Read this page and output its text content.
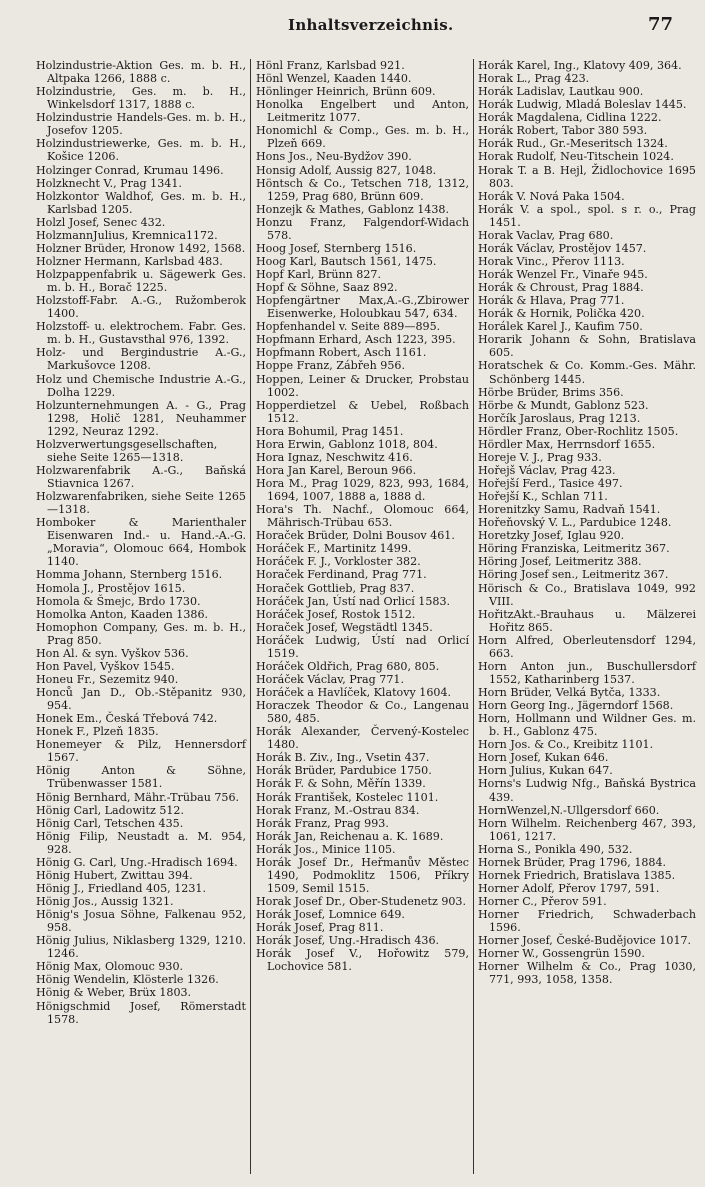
Inhaltsverzeichnis.	77

Holzindustrie-Aktion Ges. m. b. H., Altpaka 1266, 1888 c.

Holzindustrie, Ges. m. b. H., Winkelsdorf 1317, 1888 c.

Holzindustrie Handels-Ges. m. b. H., Josefov 1205.

Holzindustriewerke, Ges. m. b. H., Košice 1206.

Holzinger Conrad, Krumau 1496.

Holzknecht V., Prag 1341.

Holzkontor Waldhof, Ges. m. b. H., Karlsbad 1205.

Holzl Josef, Senec 432.

HolzmannJulius, Kremnica1172.

Holzner Brüder, Hronow 1492, 1568.

Holzner Hermann, Karlsbad 483.

Holzpappenfabrik u. Sägewerk Ges. m. b. H., Borač 1225.

Holzstoff-Fabr. A.-G., Ružomberok 1400.

Holzstoff- u. elektrochem. Fabr. Ges. m. b. H., Gustavsthal 976, 1392.

Holz- und Bergindustrie A.-G., Markušovce 1208.

Holz und Chemische Industrie A.-G., Dolha 1229.

Holzunternehmungen A. - G., Prag 1298, Holič 1281, Neuhammer 1292, Neuraz 1292.

Holzverwertungsgesellschaften, siehe Seite 1265—1318.

Holzwarenfabrik A.-G., Baňská Stiavnica 1267.

Holzwarenfabriken, siehe Seite 1265—1318.

Homboker & Marienthaler Eisenwaren Ind.- u. Hand.-A.-G. „Moravia“, Olomouc 664, Hombok 1140.

Homma Johann, Sternberg 1516.

Homola J., Prostějov 1615.

Homola & Šmejc, Brdo 1730.

Homolka Anton, Kaaden 1386.

Homophon Company, Ges. m. b. H., Prag 850.

Hon Al. & syn. Vyškov 536.

Hon Pavel, Vyškov 1545.

Honeu Fr., Sezemitz 940.

Honců Jan D., Ob.-Stěpanitz 930, 954.

Honek Em., Česká Třebová 742.

Honek F., Plzeň 1835.

Honemeyer & Pilz, Hennersdorf 1567.

Hönig Anton & Söhne, Trübenwasser 1581.

Hönig Bernhard, Mähr.-Trübau 756.

Hönig Carl, Ladowitz 512.

Hönig Carl, Tetschen 435.

Hönig Filip, Neustadt a. M. 954, 928.

Hönig G. Carl, Ung.-Hradisch 1694.

Hönig Hubert, Zwittau 394.

Hönig J., Friedland 405, 1231.

Hönig Jos., Aussig 1321.

Hönig's Josua Söhne, Falkenau 952, 958.

Hönig Julius, Niklasberg 1329, 1210. 1246.

Hönig Max, Olomouc 930.

Hönig Wendelin, Klösterle 1326.

Hönig & Weber, Brüx 1803.

Hönigschmid Josef, Römerstadt 1578.

Hönl Franz, Karlsbad 921.

Hönl Wenzel, Kaaden 1440.

Hönlinger Heinrich, Brünn 609.

Honolka Engelbert und Anton, Leitmeritz 1077.

Honomichl & Comp., Ges. m. b. H., Plzeň 669.

Hons Jos., Neu-Bydžov 390.

Honsig Adolf, Aussig 827, 1048.

Höntsch & Co., Tetschen 718, 1312, 1259, Prag 680, Brünn 609.

Honzejk & Mathes, Gablonz 1438.

Honzu Franz, Falgendorf-Widach 578.

Hoog Josef, Sternberg 1516.

Hoog Karl, Bautsch 1561, 1475.

Hopf Karl, Brünn 827.

Hopf & Söhne, Saaz 892.

Hopfengärtner Max,A.-G.,Zbirower Eisenwerke, Holoubkau 547, 634.

Hopfenhandel v. Seite 889—895.

Hopfmann Erhard, Asch 1223, 395.

Hopfmann Robert, Asch 1161.

Hoppe Franz, Zábřeh 956.

Hoppen, Leiner & Drucker, Probstau 1002.

Hopperdietzel & Uebel, Roßbach 1512.

Hora Bohumil, Prag 1451.

Hora Erwin, Gablonz 1018, 804.

Hora Ignaz, Neschwitz 416.

Hora Jan Karel, Beroun 966.

Hora M., Prag 1029, 823, 993, 1684, 1694, 1007, 1888 a, 1888 d.

Hora's Th. Nachf., Olomouc 664, Mährisch-Trübau 653.

Horaček Brüder, Dolni Bousov 461.

Horáček F., Martinitz 1499.

Horáček F. J., Vorkloster 382.

Horaček Ferdinand, Prag 771.

Horaček Gottlieb, Prag 837.

Horáček Jan, Ústí nad Orlicí 1583.

Horáček Josef, Rostok 1512.

Horaček Josef, Wegstädtl 1345.

Horáček Ludwig, Ústí nad Orlicí 1519.

Horáček Oldřich, Prag 680, 805.

Horáček Václav, Prag 771.

Horáček a Havlíček, Klatovy 1604.

Horaczek Theodor & Co., Langenau 580, 485.

Horák Alexander, Červený-Kostelec 1480.

Horák B. Ziv., Ing., Vsetin 437.

Horák Brüder, Pardubice 1750.

Horák F. & Sohn, Měřín 1339.

Horák František, Kostelec 1101.

Horak Franz, M.-Ostrau 834.

Horák Franz, Prag 993.

Horák Jan, Reichenau a. K. 1689.

Horák Jos., Minice 1105.

Horák Josef Dr., Heřmanův Městec 1490, Podmoklitz 1506, Příkry 1509, Semil 1515.

Horak Josef Dr., Ober-Studenetz 903.

Horák Josef, Lomnice 649.

Horák Josef, Prag 811.

Horák Josef, Ung.-Hradisch 436.

Horák Josef V., Hořowitz 579, Lochovice 581.

Horák Karel, Ing., Klatovy 409, 364.

Horak L., Prag 423.

Horák Ladislav, Lautkau 900.

Horák Ludwig, Mladá Boleslav 1445.

Horák Magdalena, Cidlina 1222.

Horák Robert, Tabor 380 593.

Horák Rud., Gr.-Meseritsch 1324.

Horak Rudolf, Neu-Titschein 1024.

Horak T. a B. Hejl, Židlochovice 1695 803.

Horák V. Nová Paka 1504.

Horák V. a spol., spol. s r. o., Prag 1451.

Horak Vaclav, Prag 680.

Horák Václav, Prostějov 1457.

Horak Vinc., Přerov 1113.

Horák Wenzel Fr., Vinaře 945.

Horák & Chroust, Prag 1884.

Horák & Hlava, Prag 771.

Horák & Hornik, Polička 420.

Horálek Karel J., Kaufim 750.

Horarik Johann & Sohn, Bratislava 605.

Horatschek & Co. Komm.-Ges. Mähr. Schönberg 1445.

Hörbe Brüder, Brims 356.

Hörbe & Mundt, Gablonz 523.

Horčík Jaroslaus, Prag 1213.

Hördler Franz, Ober-Rochlitz 1505.

Hördler Max, Herrnsdorf 1655.

Horeje V. J., Prag 933.

Hořejš Václav, Prag 423.

Hořejší Ferd., Tasice 497.

Hořejší K., Schlan 711.

Horenitzky Samu, Radvaň 1541.

Hořeňovský V. L., Pardubice 1248.

Horetzky Josef, Iglau 920.

Höring Franziska, Leitmeritz 367.

Höring Josef, Leitmeritz 388.

Höring Josef sen., Leitmeritz 367.

Hörisch & Co., Bratislava 1049, 992 VIII.

HořitzAkt.-Brauhaus u. Mälzerei Hořitz 865.

Horn Alfred, Oberleutensdorf 1294, 663.

Horn Anton jun., Buschullersdorf 1552, Katharinberg 1537.

Horn Brüder, Velká Bytča, 1333.

Horn Georg Ing., Jägerndorf 1568.

Horn, Hollmann und Wildner Ges. m. b. H., Gablonz 475.

Horn Jos. & Co., Kreibitz 1101.

Horn Josef, Kukan 646.

Horn Julius, Kukan 647.

Horns's Ludwig Nfg., Baňská Bystrica 439.

HornWenzel,N.-Ullgersdorf 660.

Horn Wilhelm. Reichenberg 467, 393, 1061, 1217.

Horna S., Ponikla 490, 532.

Hornek Brüder, Prag 1796, 1884.

Hornek Friedrich, Bratislava 1385.

Horner Adolf, Přerov 1797, 591.

Horner C., Přerov 591.

Horner Friedrich, Schwaderbach 1596.

Horner Josef, České-Budějovice 1017.

Horner W., Gossengrün 1590.

Horner Wilhelm & Co., Prag 1030, 771, 993, 1058, 1358.
